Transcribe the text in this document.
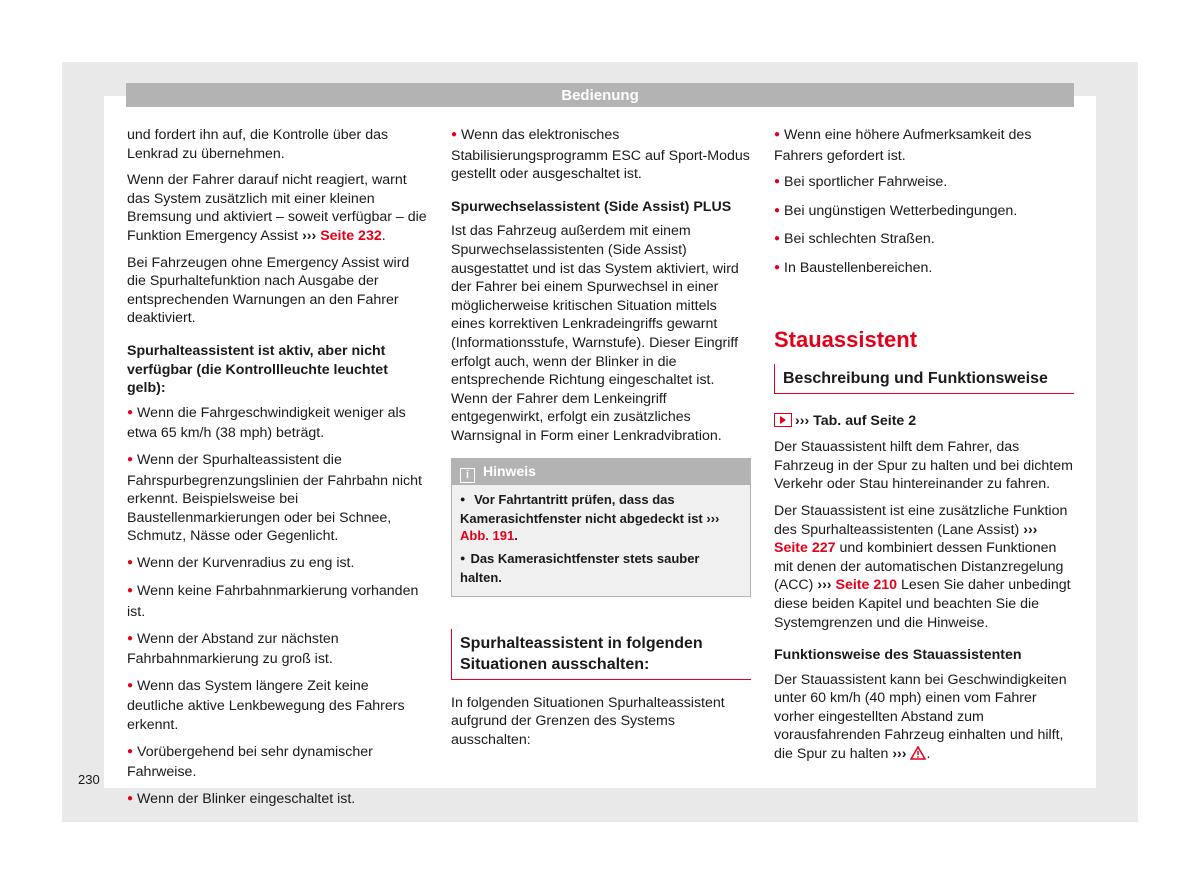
Bedienung
230

und fordert ihn auf, die Kontrolle über das Lenkrad zu übernehmen.

Wenn der Fahrer darauf nicht reagiert, warnt das System zusätzlich mit einer kleinen Bremsung und aktiviert – soweit verfügbar – die Funktion Emergency Assist ››› Seite 232.

Bei Fahrzeugen ohne Emergency Assist wird die Spurhaltefunktion nach Ausgabe der entsprechenden Warnungen an den Fahrer deaktiviert.

Spurhalteassistent ist aktiv, aber nicht verfügbar (die Kontrollleuchte leuchtet gelb):

● Wenn die Fahrgeschwindigkeit weniger als etwa 65 km/h (38 mph) beträgt.

● Wenn der Spurhalteassistent die Fahrspurbegrenzungslinien der Fahrbahn nicht erkennt. Beispielsweise bei Baustellenmarkierungen oder bei Schnee, Schmutz, Nässe oder Gegenlicht.

● Wenn der Kurvenradius zu eng ist.

● Wenn keine Fahrbahnmarkierung vorhanden ist.

● Wenn der Abstand zur nächsten Fahrbahnmarkierung zu groß ist.

● Wenn das System längere Zeit keine deutliche aktive Lenkbewegung des Fahrers erkennt.

● Vorübergehend bei sehr dynamischer Fahrweise.

● Wenn der Blinker eingeschaltet ist.

● Wenn das elektronisches Stabilisierungsprogramm ESC auf Sport-Modus gestellt oder ausgeschaltet ist.

Spurwechselassistent (Side Assist) PLUS

Ist das Fahrzeug außerdem mit einem Spurwechselassistenten (Side Assist) ausgestattet und ist das System aktiviert, wird der Fahrer bei einem Spurwechsel in einer möglicherweise kritischen Situation mittels eines korrektiven Lenkradeingriffs gewarnt (Informationsstufe, Warnstufe). Dieser Eingriff erfolgt auch, wenn der Blinker in die entsprechende Richtung eingeschaltet ist. Wenn der Fahrer dem Lenkeingriff entgegenwirkt, erfolgt ein zusätzliches Warnsignal in Form einer Lenkradvibration.

i Hinweis

● Vor Fahrtantritt prüfen, dass das Kamerasichtfenster nicht abgedeckt ist ››› Abb. 191.

● Das Kamerasichtfenster stets sauber halten.

Spurhalteassistent in folgenden Situationen ausschalten:

In folgenden Situationen Spurhalteassistent aufgrund der Grenzen des Systems ausschalten:

● Wenn eine höhere Aufmerksamkeit des Fahrers gefordert ist.

● Bei sportlicher Fahrweise.

● Bei ungünstigen Wetterbedingungen.

● Bei schlechten Straßen.

● In Baustellenbereichen.

Stauassistent
Beschreibung und Funktionsweise

››› Tab. auf Seite 2

Der Stauassistent hilft dem Fahrer, das Fahrzeug in der Spur zu halten und bei dichtem Verkehr oder Stau hintereinander zu fahren.

Der Stauassistent ist eine zusätzliche Funktion des Spurhalteassistenten (Lane Assist) ››› Seite 227 und kombiniert dessen Funktionen mit denen der automatischen Distanzregelung (ACC) ››› Seite 210 Lesen Sie daher unbedingt diese beiden Kapitel und beachten Sie die Systemgrenzen und die Hinweise.

Funktionsweise des Stauassistenten

Der Stauassistent kann bei Geschwindigkeiten unter 60 km/h (40 mph) einen vom Fahrer vorher eingestellten Abstand zum vorausfahrenden Fahrzeug einhalten und hilft, die Spur zu halten ››› .
